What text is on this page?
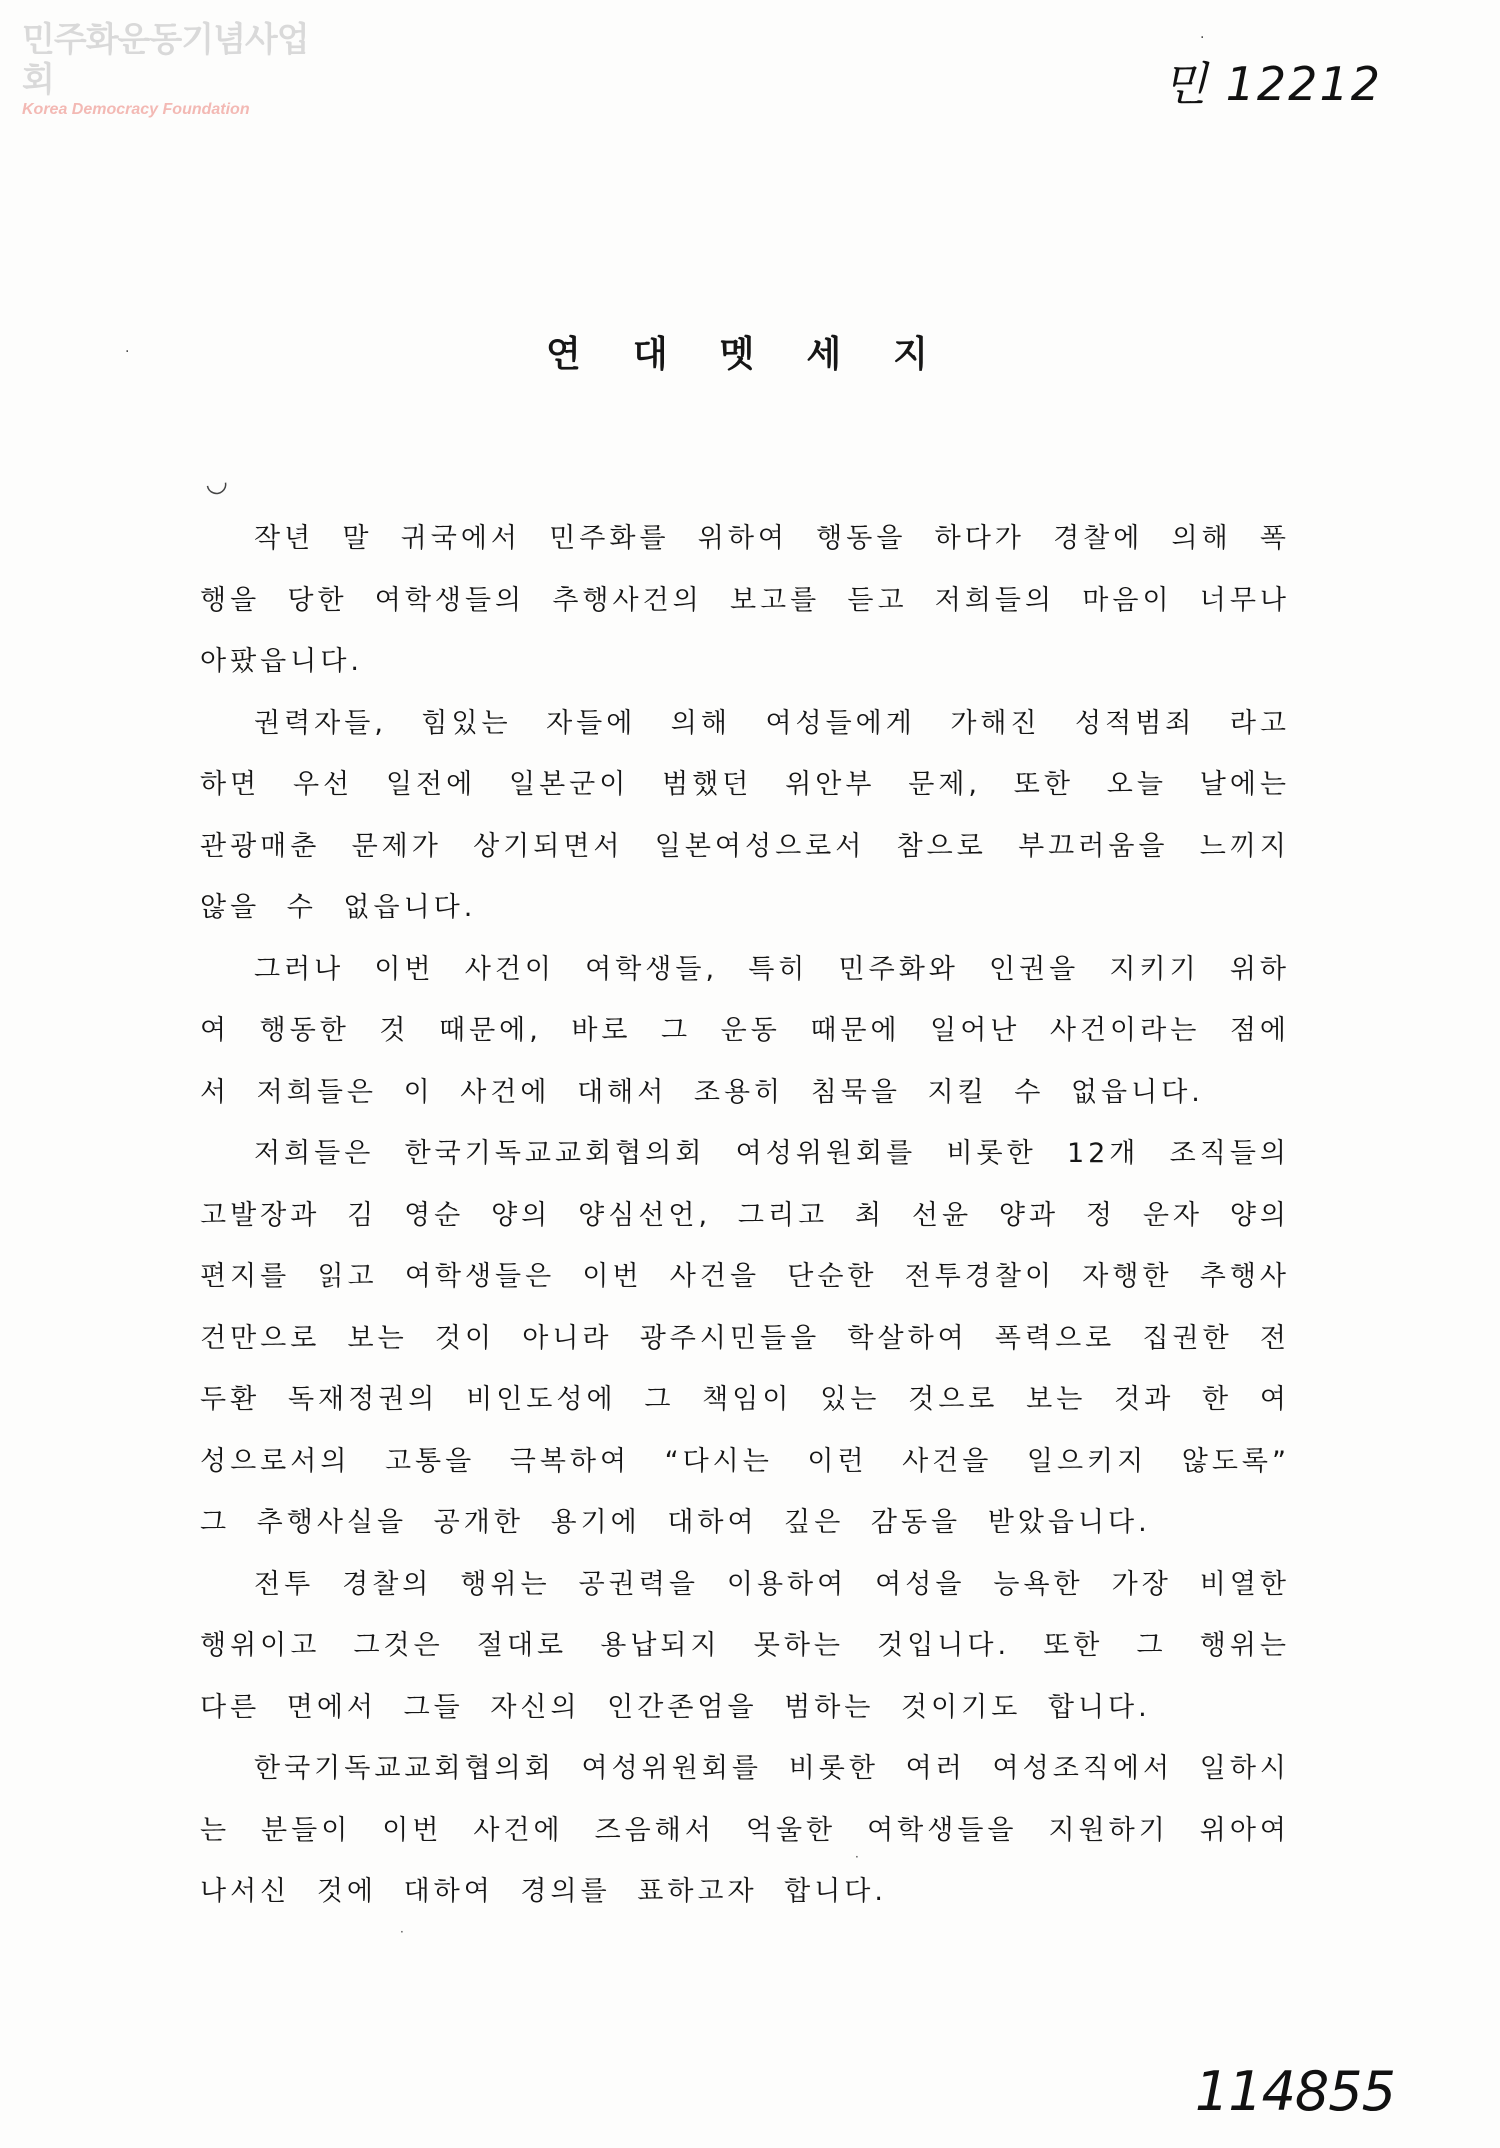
민주화운동기념사업회
Korea Democracy Foundation	민 12212
·
·
◡
연대멧세지

작년 말 귀국에서 민주화를 위하여 행동을 하다가 경찰에 의해 폭행을 당한 여학생들의 추행사건의 보고를 듣고 저희들의 마음이 너무나 아팠읍니다.

권력자들, 힘있는 자들에 의해 여성들에게 가해진 성적범죄 라고 하면 우선 일전에 일본군이 범했던 위안부 문제, 또한 오늘 날에는 관광매춘 문제가 상기되면서 일본여성으로서 참으로 부끄러움을 느끼지 않을 수 없읍니다.

그러나 이번 사건이 여학생들, 특히 민주화와 인권을 지키기 위하여 행동한 것 때문에, 바로 그 운동 때문에 일어난 사건이라는 점에서 저희들은 이 사건에 대해서 조용히 침묵을 지킬 수 없읍니다.

저희들은 한국기독교교회협의회 여성위원회를 비롯한 12개 조직들의 고발장과 김 영순 양의 양심선언, 그리고 최 선윤 양과 정 운자 양의 편지를 읽고 여학생들은 이번 사건을 단순한 전투경찰이 자행한 추행사건만으로 보는 것이 아니라 광주시민들을 학살하여 폭력으로 집권한 전 두환 독재정권의 비인도성에 그 책임이 있는 것으로 보는 것과 한 여성으로서의 고통을 극복하여 “다시는 이런 사건을 일으키지 않도록” 그 추행사실을 공개한 용기에 대하여 깊은 감동을 받았읍니다.

전투 경찰의 행위는 공권력을 이용하여 여성을 능욕한 가장 비열한 행위이고 그것은 절대로 용납되지 못하는 것입니다. 또한 그 행위는 다른 면에서 그들 자신의 인간존엄을 범하는 것이기도 합니다.

한국기독교교회협의회 여성위원회를 비롯한 여러 여성조직에서 일하시는 분들이 이번 사건에 즈음해서 억울한 여학생들을 지원하기 위아여 나서신 것에 대하여 경의를 표하고자 합니다.

·
·
114855
